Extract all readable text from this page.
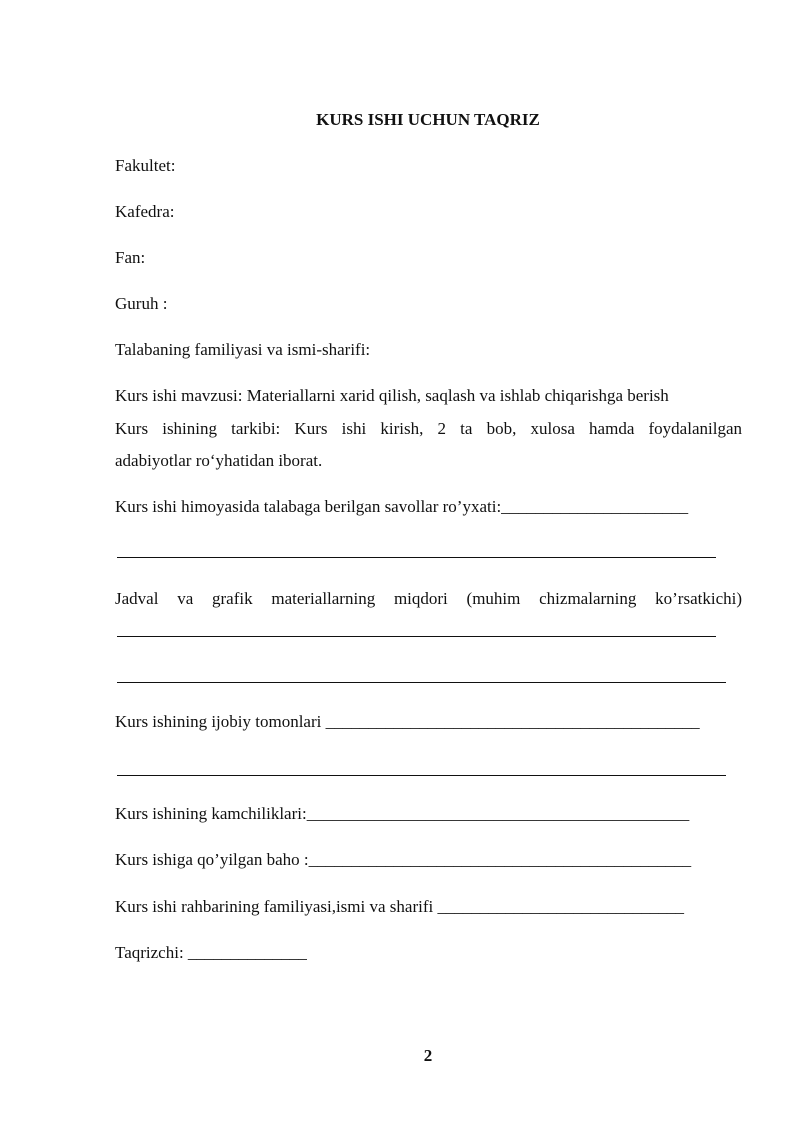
KURS ISHI UCHUN TAQRIZ

Fakultet:

Kafedra:

Fan:

Guruh :

Talabaning familiyasi va ismi-sharifi:

Kurs ishi mavzusi: Materiallarni xarid qilish, saqlash va ishlab chiqarishga berish

Kurs ishining tarkibi: Kurs ishi kirish, 2 ta bob, xulosa hamda foydalanilgan

adabiyotlar ro‘yhatidan iborat.

Kurs ishi himoyasida talabaga berilgan savollar ro’yxati:______________________

Jadval va grafik materiallarning miqdori (muhim chizmalarning ko’rsatkichi)

Kurs ishining ijobiy tomonlari ____________________________________________

Kurs ishining kamchiliklari:_____________________________________________

Kurs ishiga qo’yilgan baho :_____________________________________________

Kurs ishi rahbarining familiyasi,ismi va sharifi _____________________________

Taqrizchi: ______________

2
